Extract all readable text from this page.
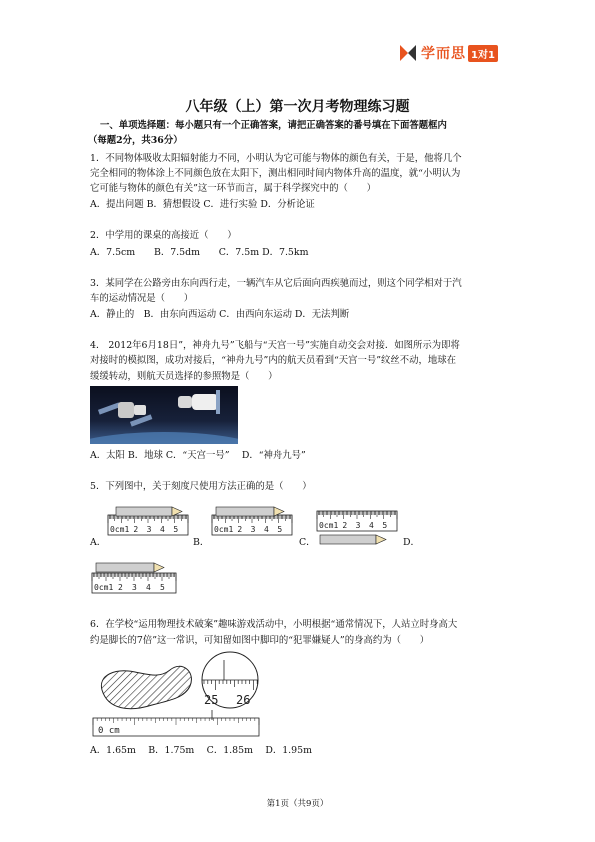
学而思 1对1
八年级（上）第一次月考物理练习题
一、单项选择题：每小题只有一个正确答案，请把正确答案的番号填在下面答题框内
（每题2分，共36分）
1．不同物体吸收太阳辐射能力不同，小明认为它可能与物体的颜色有关，于是，他将几个
完全相同的物体涂上不同颜色放在太阳下，测出相同时间内物体升高的温度，就“小明认为
它可能与物体的颜色有关”这一环节而言，属于科学探究中的（　　）
A．提出问题 B．猜想假设 C．进行实验 D．分析论证
2．中学用的课桌的高接近（　　）
A．7.5cm　　B．7.5dm　　C．7.5m D．7.5km
3．某同学在公路旁由东向西行走，一辆汽车从它后面向西疾驰而过，则这个同学相对于汽
车的运动情况是（　　）
A．静止的　B．由东向西运动 C．由西向东运动 D．无法判断
4． 2012年6月18日”，神舟九号”飞船与“天宫一号”实施自动交会对接．如图所示为即将
对接时的模拟图，成功对接后，“神舟九号”内的航天员看到“天宫一号”纹丝不动，地球在
缓缓转动，则航天员选择的参照物是（　　）
A．太阳 B．地球 C．“天宫一号”　 D．“神舟九号”
5．下列图中，关于刻度尺使用方法正确的是（　　）
0cm1 2 3 4 5	0cm1 2 3 4 5	0cm1 2 3 4 5
0cm1 2 3 4 5
A．	B．	C．	D．
6．在学校“运用物理技术破案”趣味游戏活动中，小明根据“通常情况下，人站立时身高大
约是脚长的7倍”这一常识，可知留如图中脚印的“犯罪嫌疑人”的身高约为（　　）
0 cm
25 26
A．1.65m　 B．1.75m　 C．1.85m　 D．1.95m
第1页（共9页）
